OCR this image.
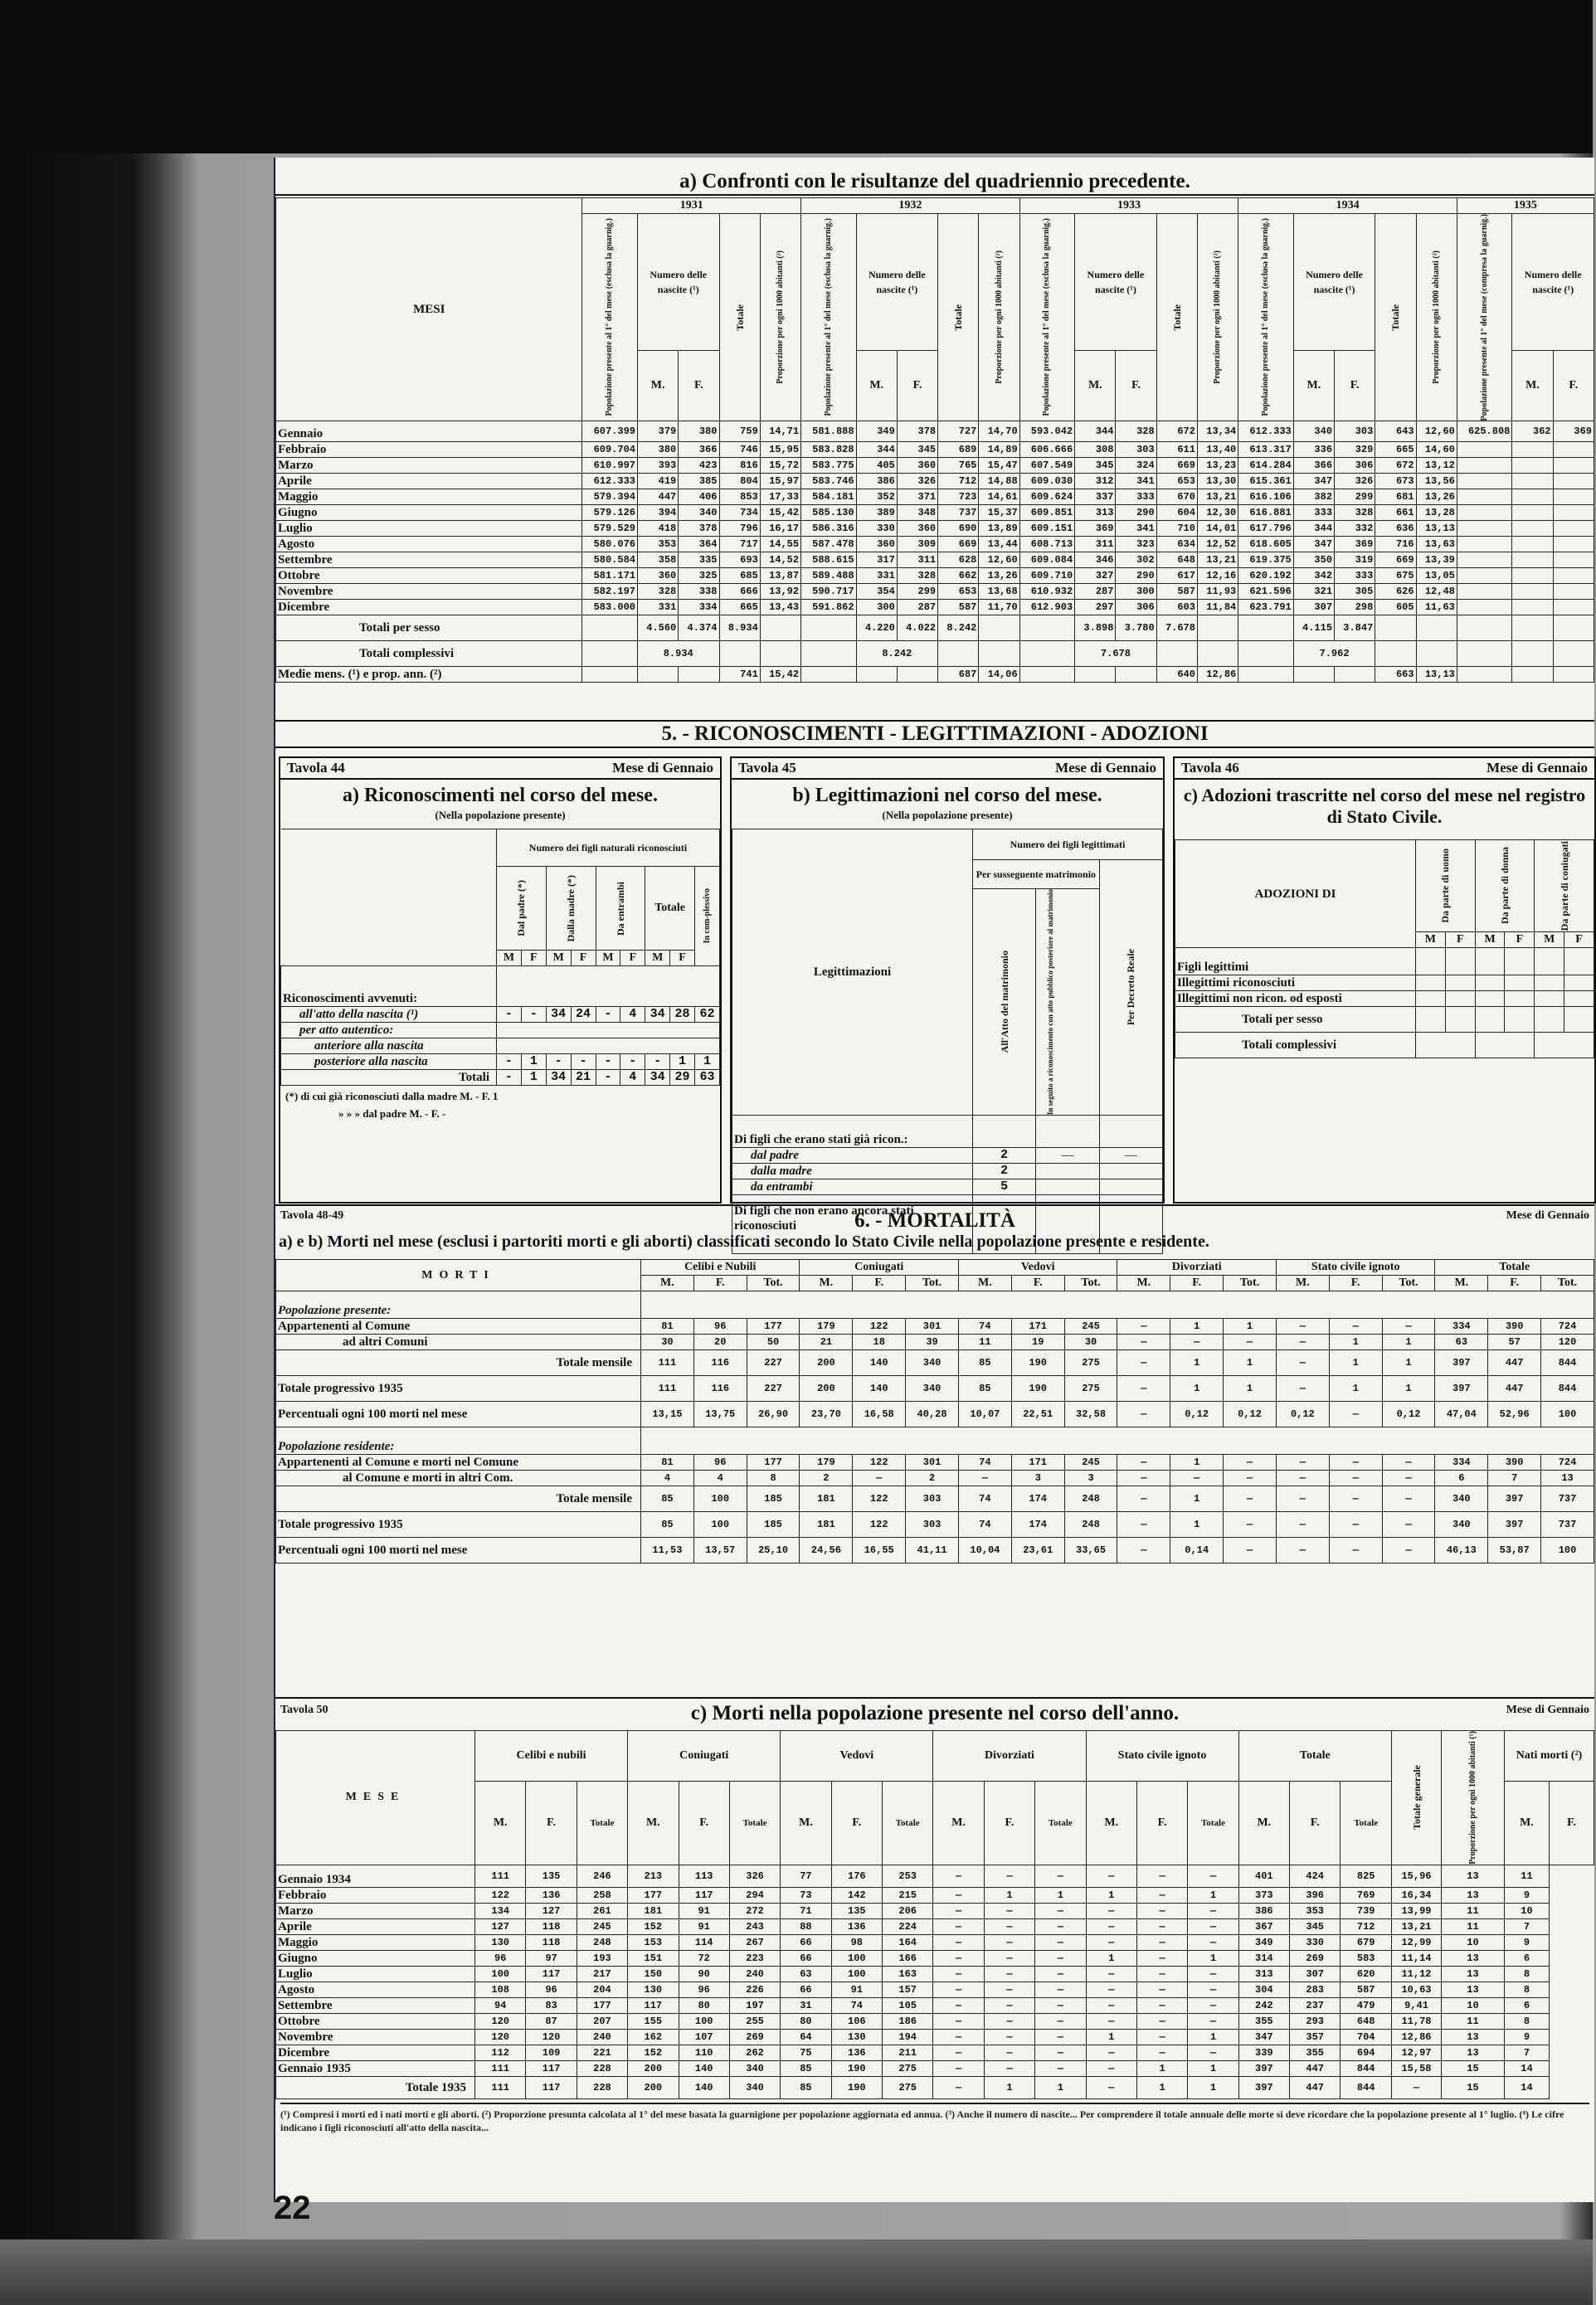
a) Confronti con le risultanze del quadriennio precedente.
MESI	1931					1932					1933					1934					1935		

	Popolazione presente al 1° del mese (esclusa la guarnig.)	Numero delle nascite (¹)		Totale	Proporzione per ogni 1000 abitanti (²)	Popolazione presente al 1° del mese (esclusa la guarnig.)	Numero delle nascite (¹)		Totale	Proporzione per ogni 1000 abitanti (²)	Popolazione presente al 1° del mese (esclusa la guarnig.)	Numero delle nascite (¹)		Totale	Proporzione per ogni 1000 abitanti (²)	Popolazione presente al 1° del mese (esclusa la guarnig.)	Numero delle nascite (¹)		Totale	Proporzione per ogni 1000 abitanti (²)	Popolazione presente al 1° del mese (compresa la guarnig.)	Numero delle nascite (¹)	
		M.	F.				M.	F.				M.	F.				M.	F.				M.	F.
Gennaio	607.399	379	380	759	14,71	581.888	349	378	727	14,70	593.042	344	328	672	13,34	612.333	340	303	643	12,60	625.808	362	369
Febbraio	609.704	380	366	746	15,95	583.828	344	345	689	14,89	606.666	308	303	611	13,40	613.317	336	329	665	14,60			
Marzo	610.997	393	423	816	15,72	583.775	405	360	765	15,47	607.549	345	324	669	13,23	614.284	366	306	672	13,12			
Aprile	612.333	419	385	804	15,97	583.746	386	326	712	14,88	609.030	312	341	653	13,30	615.361	347	326	673	13,56			
Maggio	579.394	447	406	853	17,33	584.181	352	371	723	14,61	609.624	337	333	670	13,21	616.106	382	299	681	13,26			
Giugno	579.126	394	340	734	15,42	585.130	389	348	737	15,37	609.851	313	290	604	12,30	616.881	333	328	661	13,28			
Luglio	579.529	418	378	796	16,17	586.316	330	360	690	13,89	609.151	369	341	710	14,01	617.796	344	332	636	13,13			
Agosto	580.076	353	364	717	14,55	587.478	360	309	669	13,44	608.713	311	323	634	12,52	618.605	347	369	716	13,63			
Settembre	580.584	358	335	693	14,52	588.615	317	311	628	12,60	609.084	346	302	648	13,21	619.375	350	319	669	13,39			
Ottobre	581.171	360	325	685	13,87	589.488	331	328	662	13,26	609.710	327	290	617	12,16	620.192	342	333	675	13,05			
Novembre	582.197	328	338	666	13,92	590.717	354	299	653	13,68	610.932	287	300	587	11,93	621.596	321	305	626	12,48			
Dicembre	583.000	331	334	665	13,43	591.862	300	287	587	11,70	612.903	297	306	603	11,84	623.791	307	298	605	11,63			
Totali per sesso		4.560	4.374	8.934			4.220	4.022	8.242			3.898	3.780	7.678			4.115	3.847					
Totali complessivi		8.934					8.242					7.678					7.962						
Medie mens. (¹) e prop. ann. (²)				741	15,42				687	14,06				640	12,86				663	13,13			
5. - RICONOSCIMENTI - LEGITTIMAZIONI - ADOZIONI
Tavola 44	Mese di Gennaio
a) Riconoscimenti nel corso del mese.
(Nella popolazione presente)
	Numero dei figli naturali riconosciuti								

	Dal padre (*)		Dalla madre (*)		Da entrambi		Totale		In com-plessivo

	M	F	M	F	M	F	M	F	
Riconoscimenti avvenuti:									
all'atto della nascita (¹)	-	-	34	24	-	4	34	28	62
per atto autentico:									
anteriore alla nascita									
posteriore alla nascita	-	1	-	-	-	-	-	1	1
Totali	-	1	34	21	-	4	34	29	63
(*) di cui già riconosciuti dalla madre M. - F. 1
» » » dal padre M. - F. -
Tavola 45	Mese di Gennaio
b) Legittimazioni nel corso del mese.
(Nella popolazione presente)
Legittimazioni	Numero dei figli legittimati		
	Per susseguente matrimonio		Per Decreto Reale

	All'Atto del matrimonio	In seguito a riconoscimento con atto pubblico posteriore al matrimonio	

Di figli che erano stati già ricon.:			
dal padre	2	—	—
dalla madre	2		
da entrambi	5		
Di figli che non erano ancora stati riconosciuti			
Tavola 46	Mese di Gennaio
c) Adozioni trascritte nel corso del mese nel registro di Stato Civile.
ADOZIONI DI	Da parte di uomo		Da parte di donna		Da parte di coniugati	

	M	F	M	F	M	F
Figli legittimi						
Illegittimi riconosciuti						
Illegittimi non ricon. od esposti						
Totali per sesso						
Totali complessivi						
Tavola 48-49	Mese di Gennaio
6. - MORTALITÀ
a) e b) Morti nel mese (esclusi i partoriti morti e gli aborti) classificati secondo lo Stato Civile nella popolazione presente e residente.
MORTI	Celibi e Nubili			Coniugati			Vedovi			Divorziati			Stato civile ignoto			Totale		
	M.	F.	Tot.	M.	F.	Tot.	M.	F.	Tot.	M.	F.	Tot.	M.	F.	Tot.	M.	F.	Tot.
Popolazione presente:																		
Appartenenti al Comune	81	96	177	179	122	301	74	171	245	—	1	1	—	—	—	334	390	724
ad altri Comuni	30	20	50	21	18	39	11	19	30	—	—	—	—	1	1	63	57	120
Totale mensile	111	116	227	200	140	340	85	190	275	—	1	1	—	1	1	397	447	844
Totale progressivo 1935	111	116	227	200	140	340	85	190	275	—	1	1	—	1	1	397	447	844
Percentuali ogni 100 morti nel mese	13,15	13,75	26,90	23,70	16,58	40,28	10,07	22,51	32,58	—	0,12	0,12	0,12	—	0,12	47,04	52,96	100
Popolazione residente:																		
Appartenenti al Comune e morti nel Comune	81	96	177	179	122	301	74	171	245	—	1	—	—	—	—	334	390	724
al Comune e morti in altri Com.	4	4	8	2	—	2	—	3	3	—	—	—	—	—	—	6	7	13
Totale mensile	85	100	185	181	122	303	74	174	248	—	1	—	—	—	—	340	397	737
Totale progressivo 1935	85	100	185	181	122	303	74	174	248	—	1	—	—	—	—	340	397	737
Percentuali ogni 100 morti nel mese	11,53	13,57	25,10	24,56	16,55	41,11	10,04	23,61	33,65	—	0,14	—	—	—	—	46,13	53,87	100
Tavola 50	Mese di Gennaio
c) Morti nella popolazione presente nel corso dell'anno.
MESE	Celibi e nubili			Coniugati			Vedovi			Divorziati			Stato civile ignoto			Totale			Totale generale	Proporzione per ogni 1000 abitanti (¹)	Nati morti (²)	
	M.	F.	Totale	M.	F.	Totale	M.	F.	Totale	M.	F.	Totale	M.	F.	Totale	M.	F.	Totale			M.	F.
Gennaio 1934	111	135	246	213	113	326	77	176	253	—	—	—	—	—	—	401	424	825	15,96	13	11	
Febbraio	122	136	258	177	117	294	73	142	215	—	1	1	1	—	1	373	396	769	16,34	13	9	
Marzo	134	127	261	181	91	272	71	135	206	—	—	—	—	—	—	386	353	739	13,99	11	10	
Aprile	127	118	245	152	91	243	88	136	224	—	—	—	—	—	—	367	345	712	13,21	11	7	
Maggio	130	118	248	153	114	267	66	98	164	—	—	—	—	—	—	349	330	679	12,99	10	9	
Giugno	96	97	193	151	72	223	66	100	166	—	—	—	1	—	1	314	269	583	11,14	13	6	
Luglio	100	117	217	150	90	240	63	100	163	—	—	—	—	—	—	313	307	620	11,12	13	8	
Agosto	108	96	204	130	96	226	66	91	157	—	—	—	—	—	—	304	283	587	10,63	13	8	
Settembre	94	83	177	117	80	197	31	74	105	—	—	—	—	—	—	242	237	479	9,41	10	6	
Ottobre	120	87	207	155	100	255	80	106	186	—	—	—	—	—	—	355	293	648	11,78	11	8	
Novembre	120	120	240	162	107	269	64	130	194	—	—	—	1	—	1	347	357	704	12,86	13	9	
Dicembre	112	109	221	152	110	262	75	136	211	—	—	—	—	—	—	339	355	694	12,97	13	7	
Gennaio 1935	111	117	228	200	140	340	85	190	275	—	—	—	—	1	1	397	447	844	15,58	15	14	
Totale 1935	111	117	228	200	140	340	85	190	275	—	1	1	—	1	1	397	447	844	—	15	14	
(¹) Compresi i morti ed i nati morti e gli aborti. (²) Proporzione presunta calcolata al 1° del mese basata la guarnigione per popolazione aggiornata ed annua. (³) Anche il numero di nascite... Per comprendere il totale annuale delle morte si deve ricordare che la popolazione presente al 1° luglio. (⁴) Le cifre indicano i figli riconosciuti all'atto della nascita...
22
